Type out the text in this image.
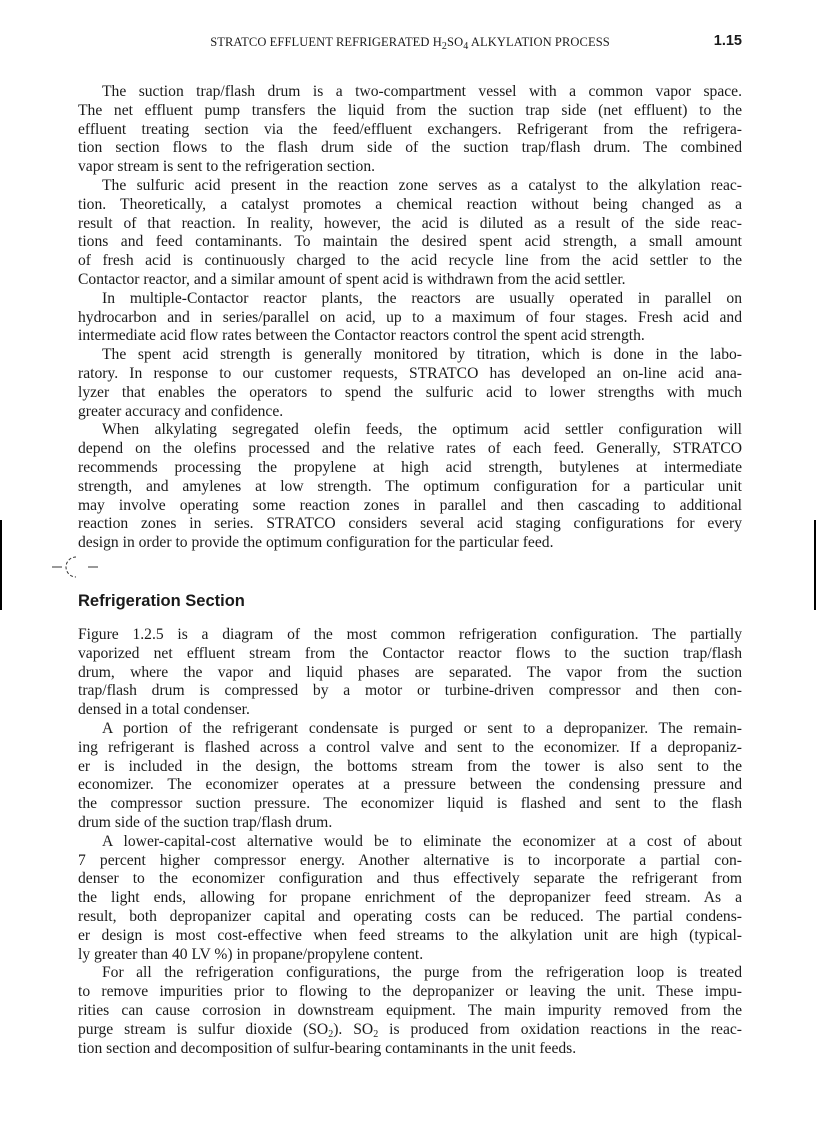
STRATCO EFFLUENT REFRIGERATED $H_2SO_4$ ALKYLATION PROCESS	1.15
The suction trap/flash drum is a two-compartment vessel with a common vapor space.
The net effluent pump transfers the liquid from the suction trap side (net effluent) to the
effluent treating section via the feed/effluent exchangers. Refrigerant from the refrigera-
tion section flows to the flash drum side of the suction trap/flash drum. The combined
vapor stream is sent to the refrigeration section.
The sulfuric acid present in the reaction zone serves as a catalyst to the alkylation reac-
tion. Theoretically, a catalyst promotes a chemical reaction without being changed as a
result of that reaction. In reality, however, the acid is diluted as a result of the side reac-
tions and feed contaminants. To maintain the desired spent acid strength, a small amount
of fresh acid is continuously charged to the acid recycle line from the acid settler to the
Contactor reactor, and a similar amount of spent acid is withdrawn from the acid settler.
In multiple-Contactor reactor plants, the reactors are usually operated in parallel on
hydrocarbon and in series/parallel on acid, up to a maximum of four stages. Fresh acid and
intermediate acid flow rates between the Contactor reactors control the spent acid strength.
The spent acid strength is generally monitored by titration, which is done in the labo-
ratory. In response to our customer requests, STRATCO has developed an on-line acid ana-
lyzer that enables the operators to spend the sulfuric acid to lower strengths with much
greater accuracy and confidence.
When alkylating segregated olefin feeds, the optimum acid settler configuration will
depend on the olefins processed and the relative rates of each feed. Generally, STRATCO
recommends processing the propylene at high acid strength, butylenes at intermediate
strength, and amylenes at low strength. The optimum configuration for a particular unit
may involve operating some reaction zones in parallel and then cascading to additional
reaction zones in series. STRATCO considers several acid staging configurations for every
design in order to provide the optimum configuration for the particular feed.
Refrigeration Section
Figure 1.2.5 is a diagram of the most common refrigeration configuration. The partially
vaporized net effluent stream from the Contactor reactor flows to the suction trap/flash
drum, where the vapor and liquid phases are separated. The vapor from the suction
trap/flash drum is compressed by a motor or turbine-driven compressor and then con-
densed in a total condenser.
A portion of the refrigerant condensate is purged or sent to a depropanizer. The remain-
ing refrigerant is flashed across a control valve and sent to the economizer. If a depropaniz-
er is included in the design, the bottoms stream from the tower is also sent to the
economizer. The economizer operates at a pressure between the condensing pressure and
the compressor suction pressure. The economizer liquid is flashed and sent to the flash
drum side of the suction trap/flash drum.
A lower-capital-cost alternative would be to eliminate the economizer at a cost of about
7 percent higher compressor energy. Another alternative is to incorporate a partial con-
denser to the economizer configuration and thus effectively separate the refrigerant from
the light ends, allowing for propane enrichment of the depropanizer feed stream. As a
result, both depropanizer capital and operating costs can be reduced. The partial condens-
er design is most cost-effective when feed streams to the alkylation unit are high (typical-
ly greater than 40 LV %) in propane/propylene content.
For all the refrigeration configurations, the purge from the refrigeration loop is treated
to remove impurities prior to flowing to the depropanizer or leaving the unit. These impu-
rities can cause corrosion in downstream equipment. The main impurity removed from the
purge stream is sulfur dioxide $(SO_2)$. $SO_2$ is produced from oxidation reactions in the reac-
tion section and decomposition of sulfur-bearing contaminants in the unit feeds.
